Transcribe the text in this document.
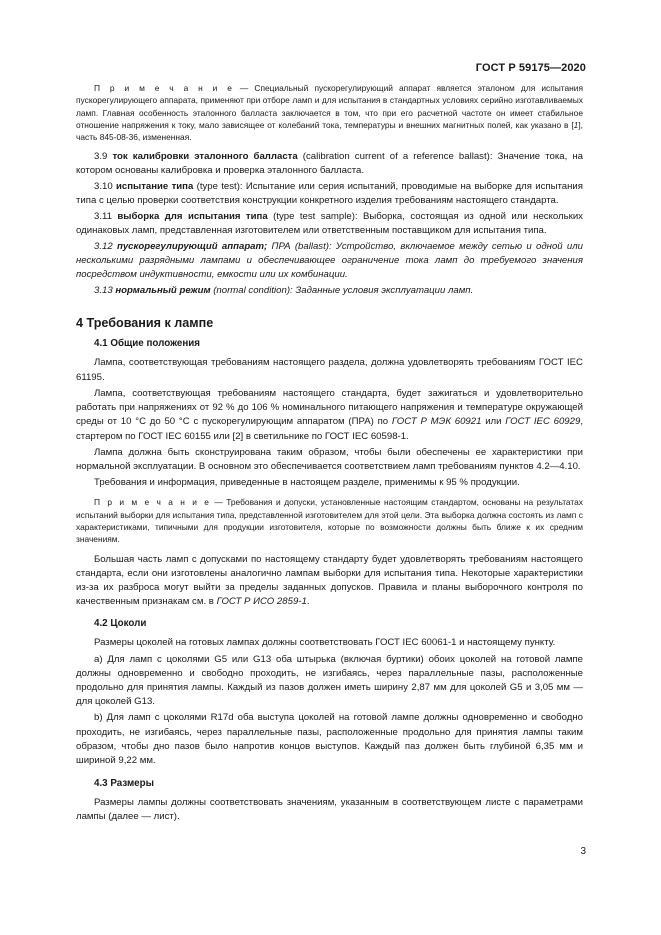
ГОСТ Р 59175—2020

П р и м е ч а н и е — Специальный пускорегулирующий аппарат является эталоном для испытания пускорегулирующего аппарата, применяют при отборе ламп и для испытания в стандартных условиях серийно изготавливаемых ламп. Главная особенность эталонного балласта заключается в том, что при его расчетной частоте он имеет стабильное отношение напряжения к току, мало зависящее от колебаний тока, температуры и внешних магнитных полей, как указано в [1], часть 845-08-36, измененная.

3.9 ток калибровки эталонного балласта (calibration current of a reference ballast): Значение тока, на котором основаны калибровка и проверка эталонного балласта.

3.10 испытание типа (type test): Испытание или серия испытаний, проводимые на выборке для испытания типа с целью проверки соответствия конструкции конкретного изделия требованиям настоящего стандарта.

3.11 выборка для испытания типа (type test sample): Выборка, состоящая из одной или нескольких одинаковых ламп, представленная изготовителем или ответственным поставщиком для испытания типа.

3.12 пускорегулирующий аппарат; ПРА (ballast): Устройство, включаемое между сетью и одной или несколькими разрядными лампами и обеспечивающее ограничение тока ламп до требуемого значения посредством индуктивности, емкости или их комбинации.

3.13 нормальный режим (normal condition): Заданные условия эксплуатации ламп.

4 Требования к лампе
4.1 Общие положения

Лампа, соответствующая требованиям настоящего раздела, должна удовлетворять требованиям ГОСТ IEC 61195.

Лампа, соответствующая требованиям настоящего стандарта, будет зажигаться и удовлетворительно работать при напряжениях от 92 % до 106 % номинального питающего напряжения и температуре окружающей среды от 10 °С до 50 °С с пускорегулирующим аппаратом (ПРА) по ГОСТ Р МЭК 60921 или ГОСТ IEC 60929, стартером по ГОСТ IEC 60155 или [2] в светильнике по ГОСТ IEC 60598-1.

Лампа должна быть сконструирована таким образом, чтобы были обеспечены ее характеристики при нормальной эксплуатации. В основном это обеспечивается соответствием ламп требованиям пунктов 4.2—4.10.

Требования и информация, приведенные в настоящем разделе, применимы к 95 % продукции.

П р и м е ч а н и е — Требования и допуски, установленные настоящим стандартом, основаны на результатах испытаний выборки для испытания типа, представленной изготовителем для этой цели. Эта выборка должна состоять из ламп с характеристиками, типичными для продукции изготовителя, которые по возможности должны быть ближе к их средним значениям.

Большая часть ламп с допусками по настоящему стандарту будет удовлетворять требованиям настоящего стандарта, если они изготовлены аналогично лампам выборки для испытания типа. Некоторые характеристики из-за их разброса могут выйти за пределы заданных допусков. Правила и планы выборочного контроля по качественным признакам см. в ГОСТ Р ИСО 2859-1.

4.2 Цоколи

Размеры цоколей на готовых лампах должны соответствовать ГОСТ IEC 60061-1 и настоящему пункту.

а) Для ламп с цоколями G5 или G13 оба штырька (включая буртики) обоих цоколей на готовой лампе должны одновременно и свободно проходить, не изгибаясь, через параллельные пазы, расположенные продольно для принятия лампы. Каждый из пазов должен иметь ширину 2,87 мм для цоколей G5 и 3,05 мм — для цоколей G13.

b) Для ламп с цоколями R17d оба выступа цоколей на готовой лампе должны одновременно и свободно проходить, не изгибаясь, через параллельные пазы, расположенные продольно для принятия лампы таким образом, чтобы дно пазов было напротив концов выступов. Каждый паз должен быть глубиной 6,35 мм и шириной 9,22 мм.

4.3 Размеры

Размеры лампы должны соответствовать значениям, указанным в соответствующем листе с параметрами лампы (далее — лист).

3
